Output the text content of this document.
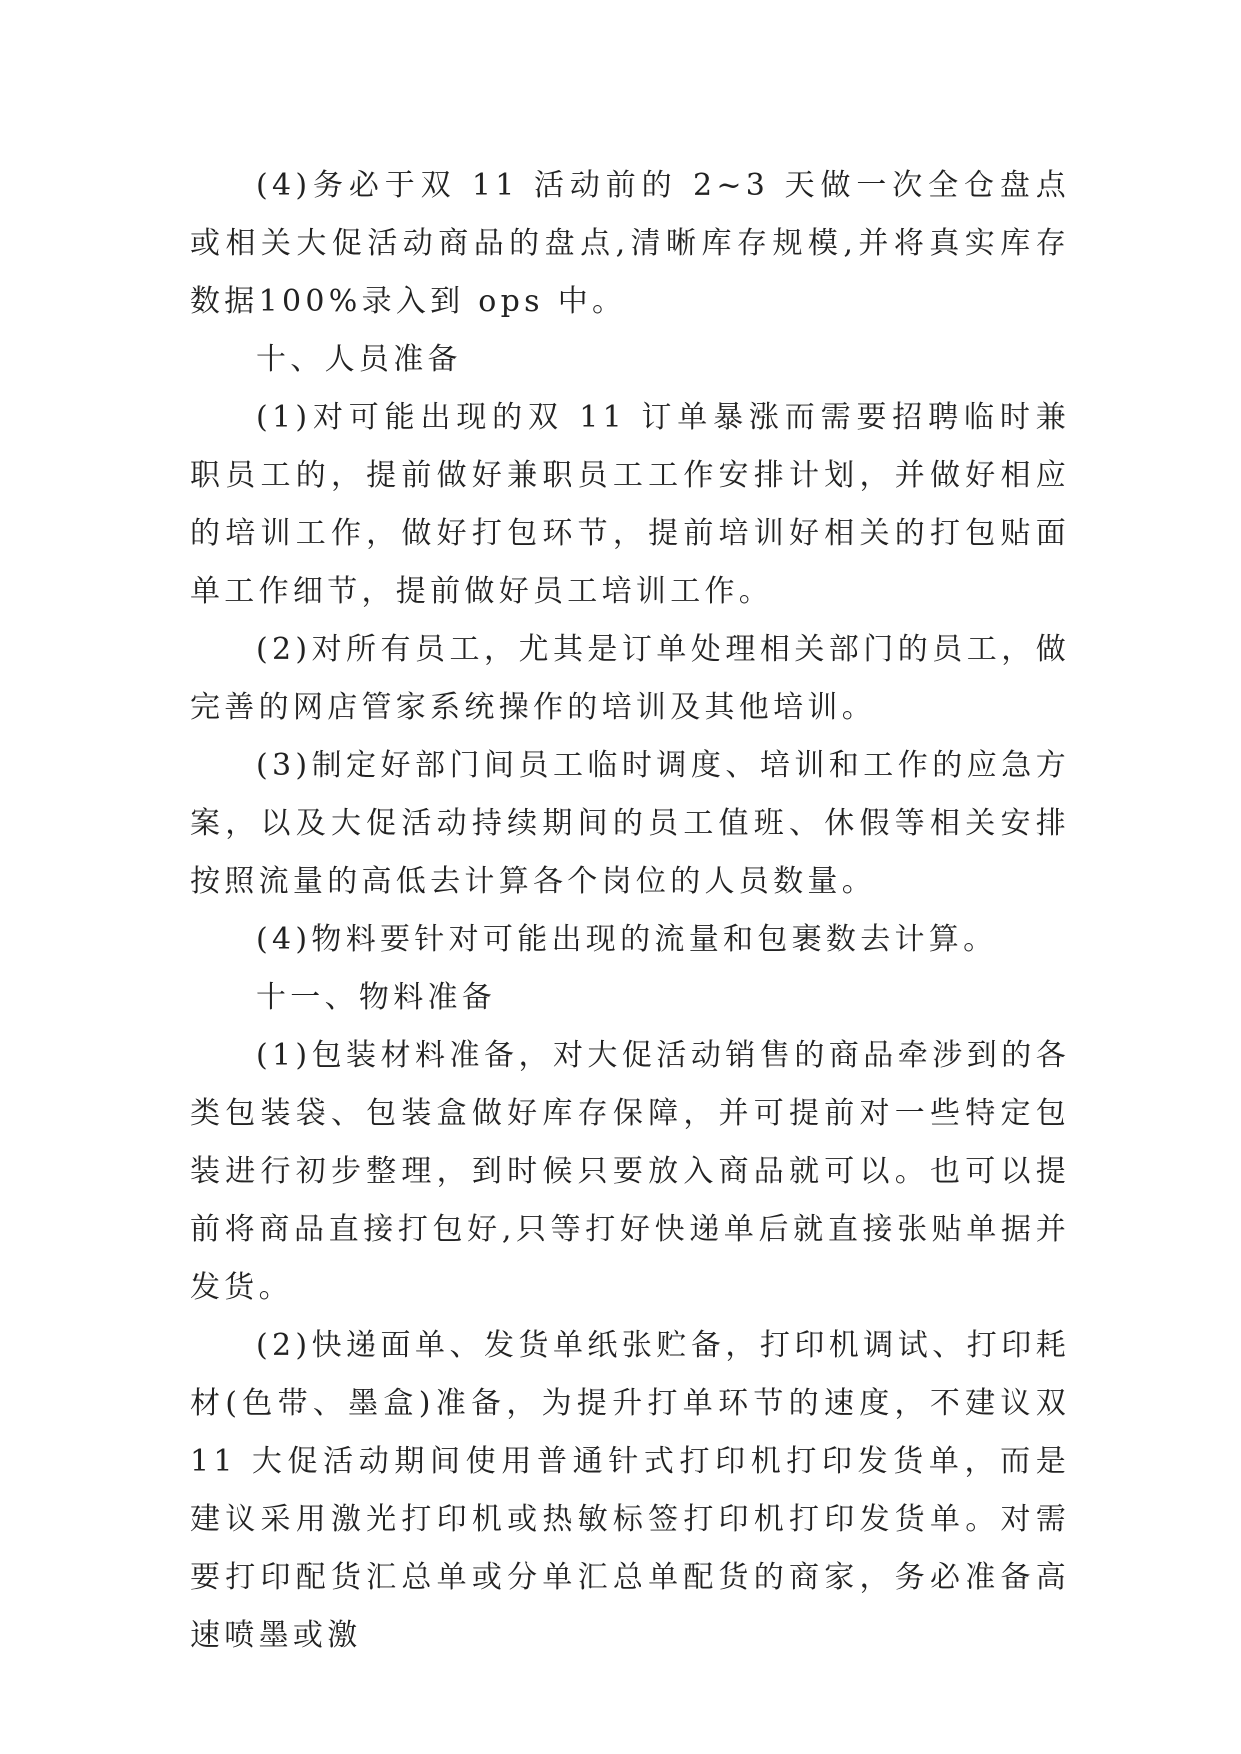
(4)务必于双 11 活动前的 2~3 天做一次全仓盘点或相关大促活动商品的盘点,清晰库存规模,并将真实库存数据100%录入到 ops 中。

十、人员准备

(1)对可能出现的双 11 订单暴涨而需要招聘临时兼职员工的，提前做好兼职员工工作安排计划，并做好相应的培训工作，做好打包环节，提前培训好相关的打包贴面单工作细节，提前做好员工培训工作。

(2)对所有员工，尤其是订单处理相关部门的员工，做完善的网店管家系统操作的培训及其他培训。

(3)制定好部门间员工临时调度、培训和工作的应急方案，以及大促活动持续期间的员工值班、休假等相关安排按照流量的高低去计算各个岗位的人员数量。

(4)物料要针对可能出现的流量和包裹数去计算。

十一、物料准备

(1)包装材料准备，对大促活动销售的商品牵涉到的各类包装袋、包装盒做好库存保障，并可提前对一些特定包装进行初步整理，到时候只要放入商品就可以。也可以提前将商品直接打包好,只等打好快递单后就直接张贴单据并发货。

(2)快递面单、发货单纸张贮备，打印机调试、打印耗材(色带、墨盒)准备，为提升打单环节的速度，不建议双 11 大促活动期间使用普通针式打印机打印发货单，而是建议采用激光打印机或热敏标签打印机打印发货单。对需要打印配货汇总单或分单汇总单配货的商家，务必准备高速喷墨或激
